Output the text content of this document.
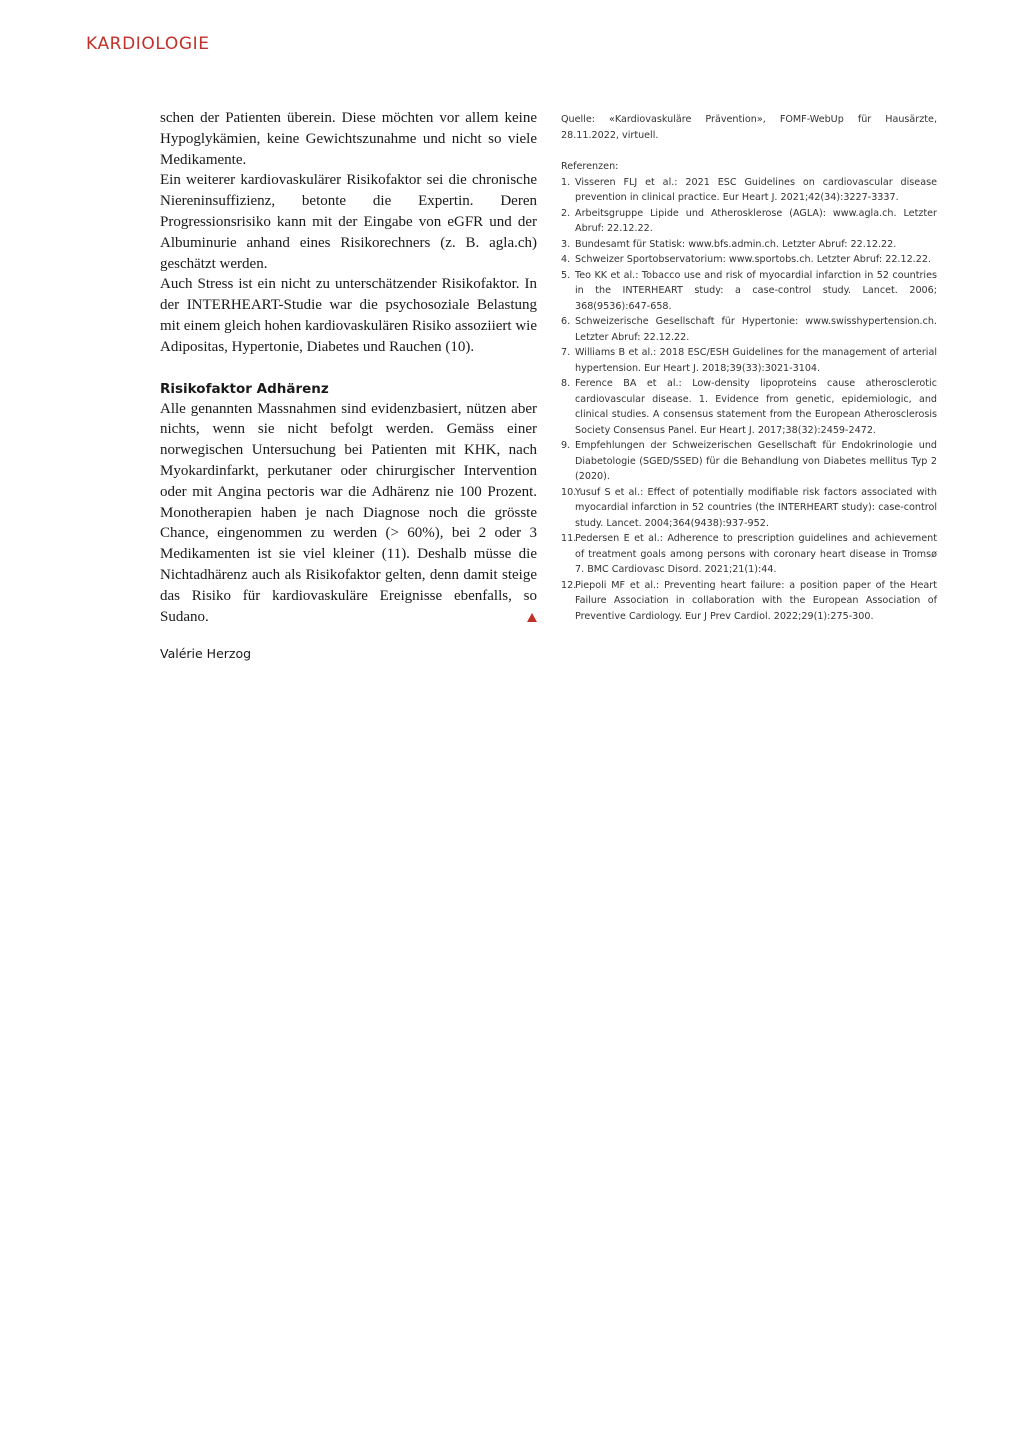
KARDIOLOGIE

schen der Patienten überein. Diese möchten vor allem keine Hypoglykämien, keine Gewichtszunahme und nicht so viele Medikamente.

Ein weiterer kardiovaskulärer Risikofaktor sei die chronische Niereninsuffizienz, betonte die Expertin. Deren Progressionsrisiko kann mit der Eingabe von eGFR und der Albuminurie anhand eines Risikorechners (z. B. agla.ch) geschätzt werden.

Auch Stress ist ein nicht zu unterschätzender Risikofaktor. In der INTERHEART-Studie war die psychosoziale Belastung mit einem gleich hohen kardiovaskulären Risiko assoziiert wie Adipositas, Hypertonie, Diabetes und Rauchen (10).

Risikofaktor Adhärenz

Alle genannten Massnahmen sind evidenzbasiert, nützen aber nichts, wenn sie nicht befolgt werden. Gemäss einer norwegischen Untersuchung bei Patienten mit KHK, nach Myokardinfarkt, perkutaner oder chirurgischer Intervention oder mit Angina pectoris war die Adhärenz nie 100 Prozent. Monotherapien haben je nach Diagnose noch die grösste Chance, eingenommen zu werden (> 60%), bei 2 oder 3 Medikamenten ist sie viel kleiner (11). Deshalb müsse die Nichtadhärenz auch als Risikofaktor gelten, denn damit steige das Risiko für kardiovaskuläre Ereignisse ebenfalls, so Sudano.

Valérie Herzog

Quelle: «Kardiovaskuläre Prävention», FOMF-WebUp für Hausärzte, 28.11.2022, virtuell.

Referenzen:

1. Visseren FLJ et al.: 2021 ESC Guidelines on cardiovascular disease prevention in clinical practice. Eur Heart J. 2021;42(34):3227-3337.
2. Arbeitsgruppe Lipide und Atherosklerose (AGLA): www.agla.ch. Letzter Abruf: 22.12.22.
3. Bundesamt für Statisk: www.bfs.admin.ch. Letzter Abruf: 22.12.22.
4. Schweizer Sportobservatorium: www.sportobs.ch. Letzter Abruf: 22.12.22.
5. Teo KK et al.: Tobacco use and risk of myocardial infarction in 52 countries in the INTERHEART study: a case-control study. Lancet. 2006; 368(9536):647-658.
6. Schweizerische Gesellschaft für Hypertonie: www.swisshypertension.ch. Letzter Abruf: 22.12.22.
7. Williams B et al.: 2018 ESC/ESH Guidelines for the management of arterial hypertension. Eur Heart J. 2018;39(33):3021-3104.
8. Ference BA et al.: Low-density lipoproteins cause atherosclerotic cardiovascular disease. 1. Evidence from genetic, epidemiologic, and clinical studies. A consensus statement from the European Atherosclerosis Society Consensus Panel. Eur Heart J. 2017;38(32):2459-2472.
9. Empfehlungen der Schweizerischen Gesellschaft für Endokrinologie und Diabetologie (SGED/SSED) für die Behandlung von Diabetes mellitus Typ 2 (2020).
10.
Yusuf S et al.: Effect of potentially modifiable risk factors associated with myocardial infarction in 52 countries (the INTERHEART study): case-control study. Lancet. 2004;364(9438):937-952.
11.
Pedersen E et al.: Adherence to prescription guidelines and achievement of treatment goals among persons with coronary heart disease in Tromsø 7. BMC Cardiovasc Disord. 2021;21(1):44.
12.
Piepoli MF et al.: Preventing heart failure: a position paper of the Heart Failure Association in collaboration with the European Association of Preventive Cardiology. Eur J Prev Cardiol. 2022;29(1):275-300.
